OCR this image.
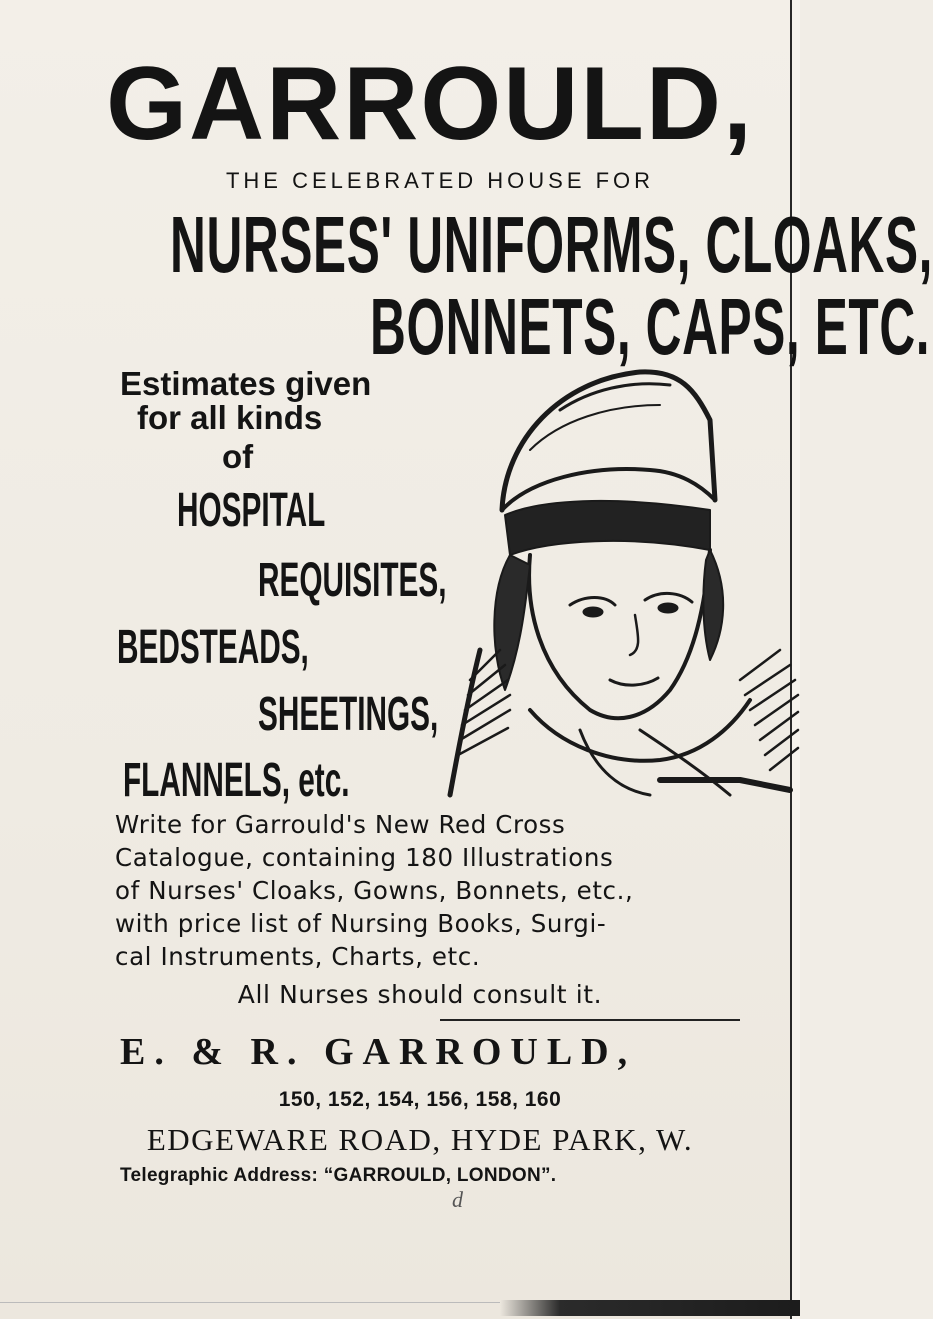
GARROULD,
THE CELEBRATED HOUSE FOR
NURSES' UNIFORMS, CLOAKS,
BONNETS, CAPS, ETC.
Estimates given
for all kinds
of
HOSPITAL
REQUISITES,
BEDSTEADS,
SHEETINGS,
FLANNELS, etc.
Write for Garrould's New Red Cross
Catalogue, containing 180 Illustrations
of Nurses' Cloaks, Gowns, Bonnets, etc.,
with price list of Nursing Books, Surgi-
cal Instruments, Charts, etc.
All Nurses should consult it.
E. & R. GARROULD,
150, 152, 154, 156, 158, 160
EDGEWARE ROAD, HYDE PARK, W.
Telegraphic Address: “GARROULD, LONDON”.
d
